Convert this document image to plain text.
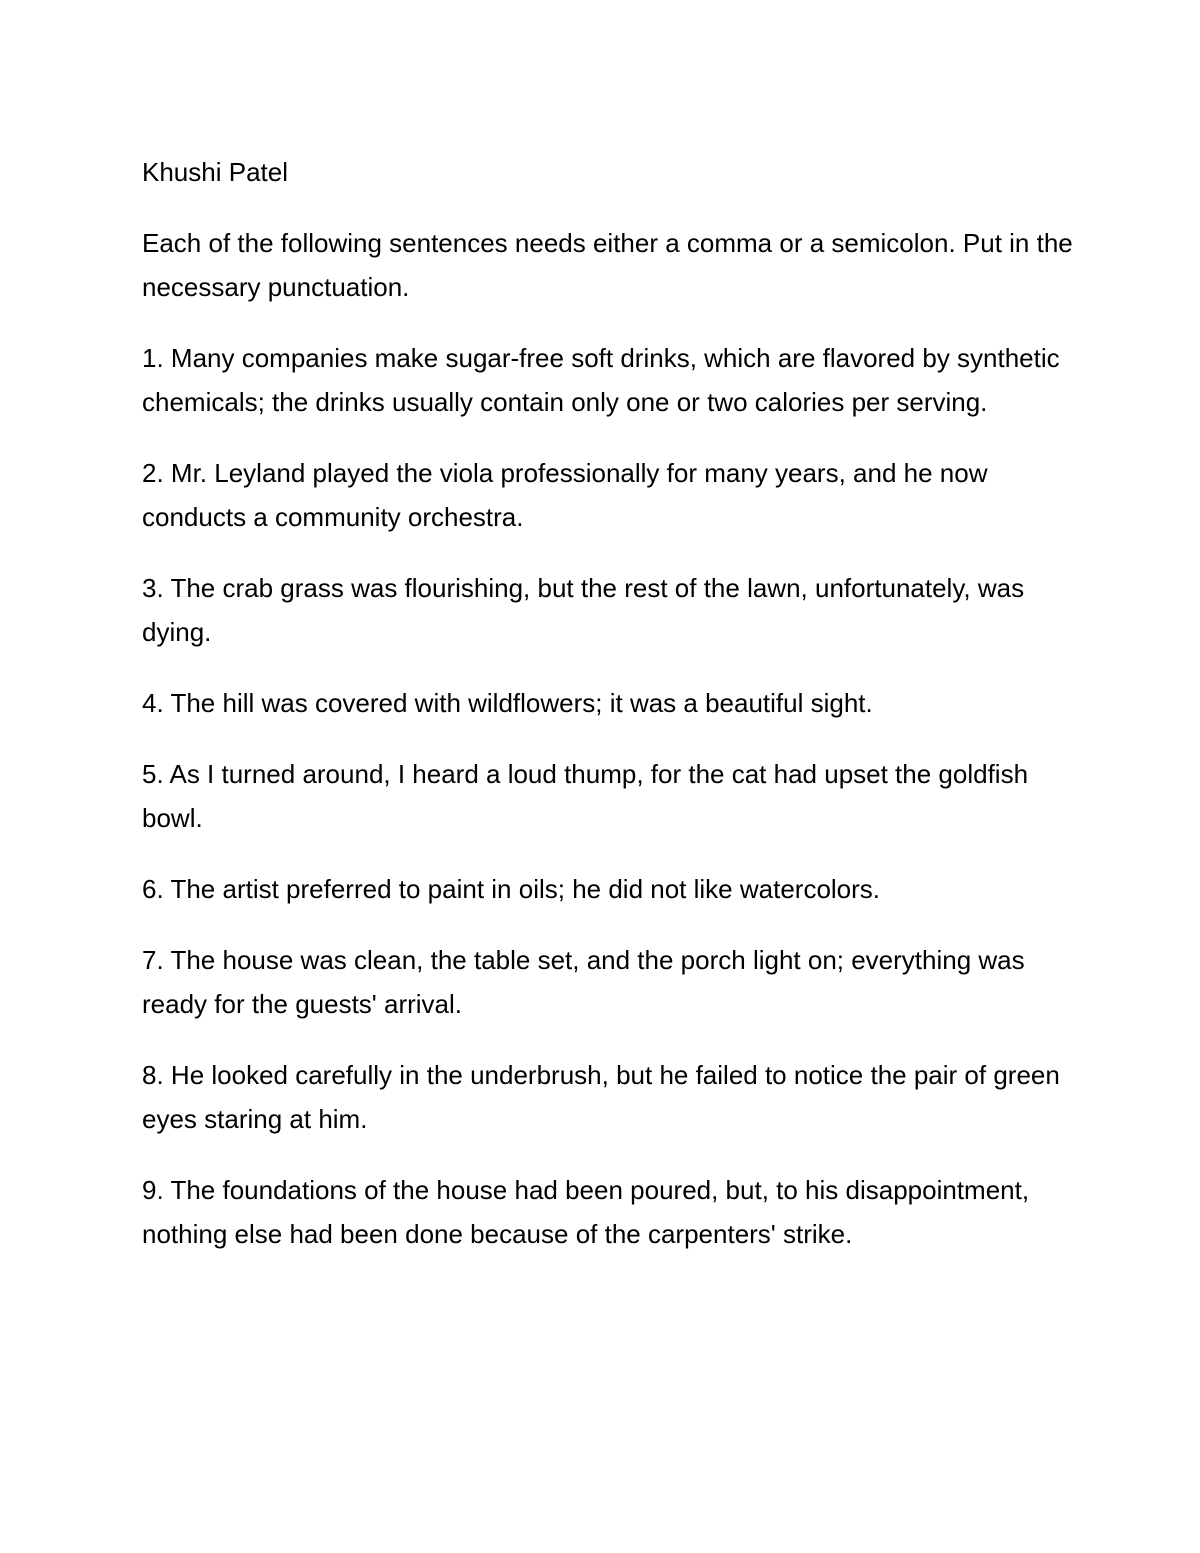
Khushi Patel

Each of the following sentences needs either a comma or a semicolon. Put in the necessary punctuation.

1. Many companies make sugar-free soft drinks, which are flavored by synthetic chemicals; the drinks usually contain only one or two calories per serving.

2. Mr. Leyland played the viola professionally for many years, and he now conducts a community orchestra.

3. The crab grass was flourishing, but the rest of the lawn, unfortunately, was dying.

4. The hill was covered with wildflowers; it was a beautiful sight.

5. As I turned around, I heard a loud thump, for the cat had upset the goldfish bowl.

6. The artist preferred to paint in oils; he did not like watercolors.

7. The house was clean, the table set, and the porch light on; everything was ready for the guests' arrival.

8. He looked carefully in the underbrush, but he failed to notice the pair of green eyes staring at him.

9. The foundations of the house had been poured, but, to his disappointment, nothing else had been done because of the carpenters' strike.
